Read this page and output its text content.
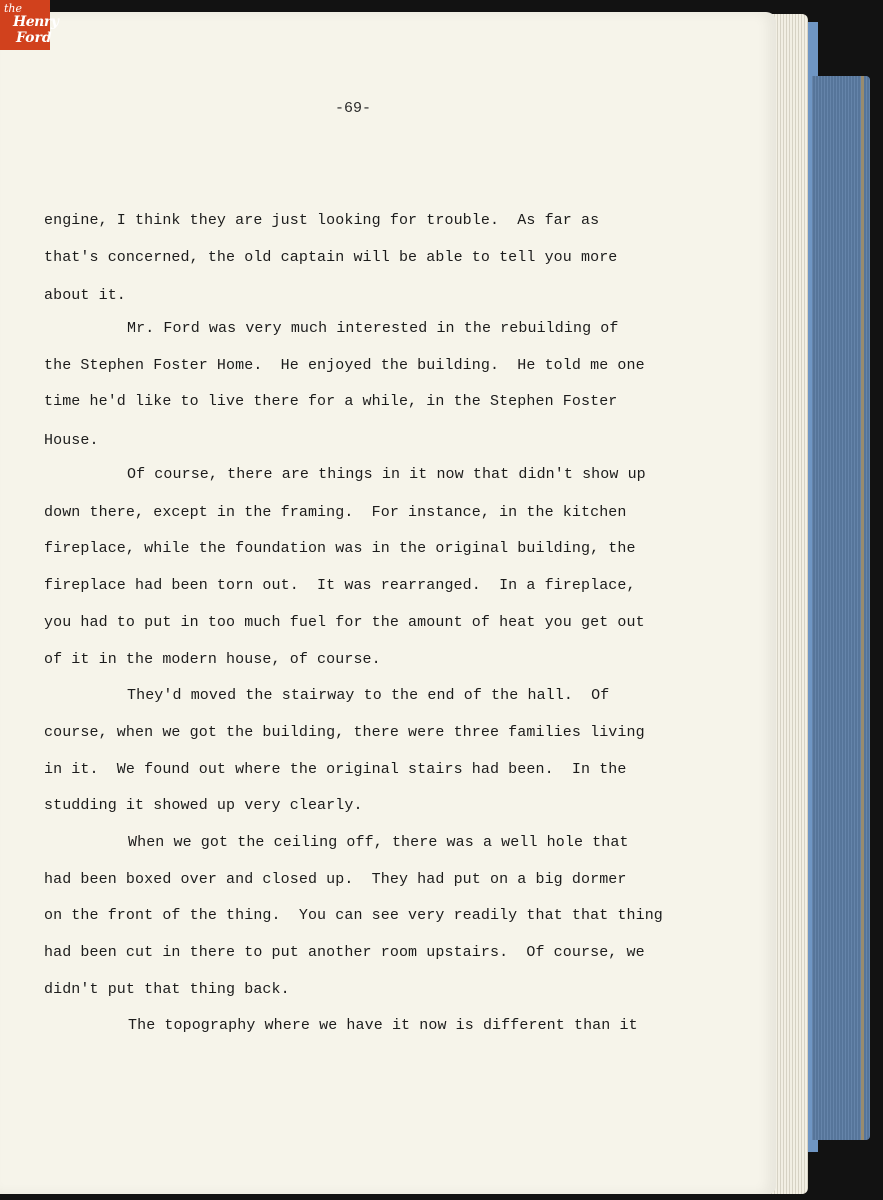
the
Henry
Ford
-69-
engine, I think they are just looking for trouble.  As far as
that's concerned, the old captain will be able to tell you more
about it.
Mr. Ford was very much interested in the rebuilding of
the Stephen Foster Home.  He enjoyed the building.  He told me one
time he'd like to live there for a while, in the Stephen Foster
House.
Of course, there are things in it now that didn't show up
down there, except in the framing.  For instance, in the kitchen
fireplace, while the foundation was in the original building, the
fireplace had been torn out.  It was rearranged.  In a fireplace,
you had to put in too much fuel for the amount of heat you get out
of it in the modern house, of course.
They'd moved the stairway to the end of the hall.  Of
course, when we got the building, there were three families living
in it.  We found out where the original stairs had been.  In the
studding it showed up very clearly.
When we got the ceiling off, there was a well hole that
had been boxed over and closed up.  They had put on a big dormer
on the front of the thing.  You can see very readily that that thing
had been cut in there to put another room upstairs.  Of course, we
didn't put that thing back.
The topography where we have it now is different than it
